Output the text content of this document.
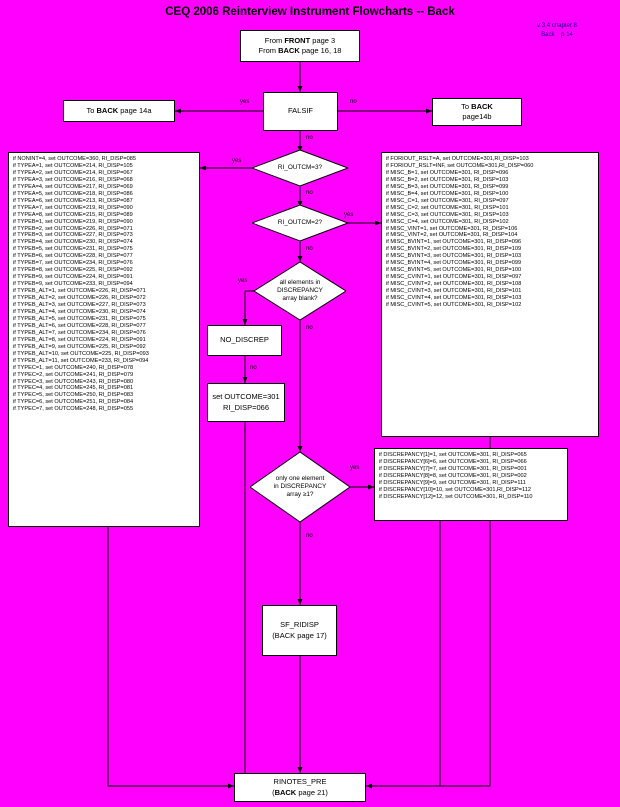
CEQ 2006 Reinterview Instrument Flowcharts -- Back
v 3.4 chapter 8
Back    p 14
From FRONT page 3
From BACK page 16, 18
FALSIF
To BACK page 14a	To BACK
page14b
RI_OUTCM=3?
RI_OUTCM=2?
all elements in
DISCREPANCY
array blank?
NO_DISCREP
set OUTCOME=301
RI_DISP=066
only one element
in DISCREPANCY
array ≥1?
SF_RIDISP
(BACK page 17)
RINOTES_PRE
(BACK page 21)
if NONINT=4, set OUTCOME=360, RI_DISP=085
if TYPEA=1, set OUTCOME=214, RI_DISP=105
if TYPEA=2, set OUTCOME=214, RI_DISP=067
if TYPEA=3, set OUTCOME=216, RI_DISP=068
if TYPEA=4, set OUTCOME=217, RI_DISP=069
if TYPEA=5, set OUTCOME=218, RI_DISP=086
if TYPEA=6, set OUTCOME=213, RI_DISP=087
if TYPEA=7, set OUTCOME=219, RI_DISP=090
if TYPEA=8, set OUTCOME=215, RI_DISP=089
if TYPEB=1, set OUTCOME=219, RI_DISP=090
if TYPEB=2, set OUTCOME=226, RI_DISP=071
if TYPEB=3, set OUTCOME=227, RI_DISP=073
if TYPEB=4, set OUTCOME=230, RI_DISP=074
if TYPEB=5, set OUTCOME=231, RI_DISP=075
if TYPEB=6, set OUTCOME=228, RI_DISP=077
if TYPEB=7, set OUTCOME=234, RI_DISP=076
if TYPEB=8, set OUTCOME=225, RI_DISP=092
if TYPEB=9, set OUTCOME=224, RI_DISP=091
if TYPEB=9, set OUTCOME=233, RI_DISP=094
if TYPEB_ALT=1, set OUTCOME=226, RI_DISP=071
if TYPEB_ALT=2, set OUTCOME=226, RI_DISP=072
if TYPEB_ALT=3, set OUTCOME=227, RI_DISP=073
if TYPEB_ALT=4, set OUTCOME=230, RI_DISP=074
if TYPEB_ALT=5, set OUTCOME=231, RI_DISP=075
if TYPEB_ALT=6, set OUTCOME=228, RI_DISP=077
if TYPEB_ALT=7, set OUTCOME=234, RI_DISP=076
if TYPEB_ALT=8, set OUTCOME=224, RI_DISP=091
if TYPEB_ALT=9, set OUTCOME=225, RI_DISP=092
if TYPEB_ALT=10, set OUTCOME=225, RI_DISP=093
if TYPEB_ALT=11, set OUTCOME=233, RI_DISP=094
if TYPEC=1, set OUTCOME=240, RI_DISP=078
if TYPEC=2, set OUTCOME=241, RI_DISP=079
if TYPEC=3, set OUTCOME=243, RI_DISP=080
if TYPEC=4, set OUTCOME=245, RI_DISP=081
if TYPEC=5, set OUTCOME=250, RI_DISP=083
if TYPEC=6, set OUTCOME=251, RI_DISP=084
if TYPEC=7, set OUTCOME=248, RI_DISP=055
if FORIOUT_RSLT=A, set OUTCOME=301,RI_DISP=103
if FORIOUT_RSLT=INF, set OUTCOME=301,RI_DISP=060
if MISC_B=1, set OUTCOME=301, RI_DISP=096
if MISC_B=2, set OUTCOME=301, RI_DISP=103
if MISC_B=3, set OUTCOME=301, RI_DISP=099
if MISC_B=4, set OUTCOME=301, RI_DISP=100
if MISC_C=1, set OUTCOME=301, RI_DISP=097
if MISC_C=2, set OUTCOME=301, RI_DISP=101
if MISC_C=3, set OUTCOME=301, RI_DISP=103
if MISC_C=4, set OUTCOME=301, RI_DISP=102
if MISC_VINT=1, set OUTCOME=301, RI_DISP=106
if MISC_VINT=2, set OUTCOME=301, RI_DISP=104
if MISC_BVINT=1, set OUTCOME=301, RI_DISP=096
if MISC_BVINT=2, set OUTCOME=301, RI_DISP=109
if MISC_BVINT=3, set OUTCOME=301, RI_DISP=103
if MISC_BVINT=4, set OUTCOME=301, RI_DISP=099
if MISC_BVINT=5, set OUTCOME=301, RI_DISP=100
if MISC_CVINT=1, set OUTCOME=301, RI_DISP=097
if MISC_CVINT=2, set OUTCOME=301, RI_DISP=108
if MISC_CVINT=3, set OUTCOME=301, RI_DISP=101
if MISC_CVINT=4, set OUTCOME=301, RI_DISP=103
if MISC_CVINT=5, set OUTCOME=301, RI_DISP=102
if DISCREPANCY[1]=1, set OUTCOME=301, RI_DISP=065
if DISCREPANCY[6]=6, set OUTCOME=301, RI_DISP=066
if DISCREPANCY[7]=7, set OUTCOME=301, RI_DISP=001
if DISCREPANCY[8]=8, set OUTCOME=301, RI_DISP=002
if DISCREPANCY[9]=9, set OUTCOME=301, RI_DISP=111
if DISCREPANCY[10]=10, set OUTCOME=301,RI_DISP=112
if DISCREPANCY[12]=12, set OUTCOME=301, RI_DISP=110
yes	no
no
yes
no
yes
no
yes
no
no
yes
no
